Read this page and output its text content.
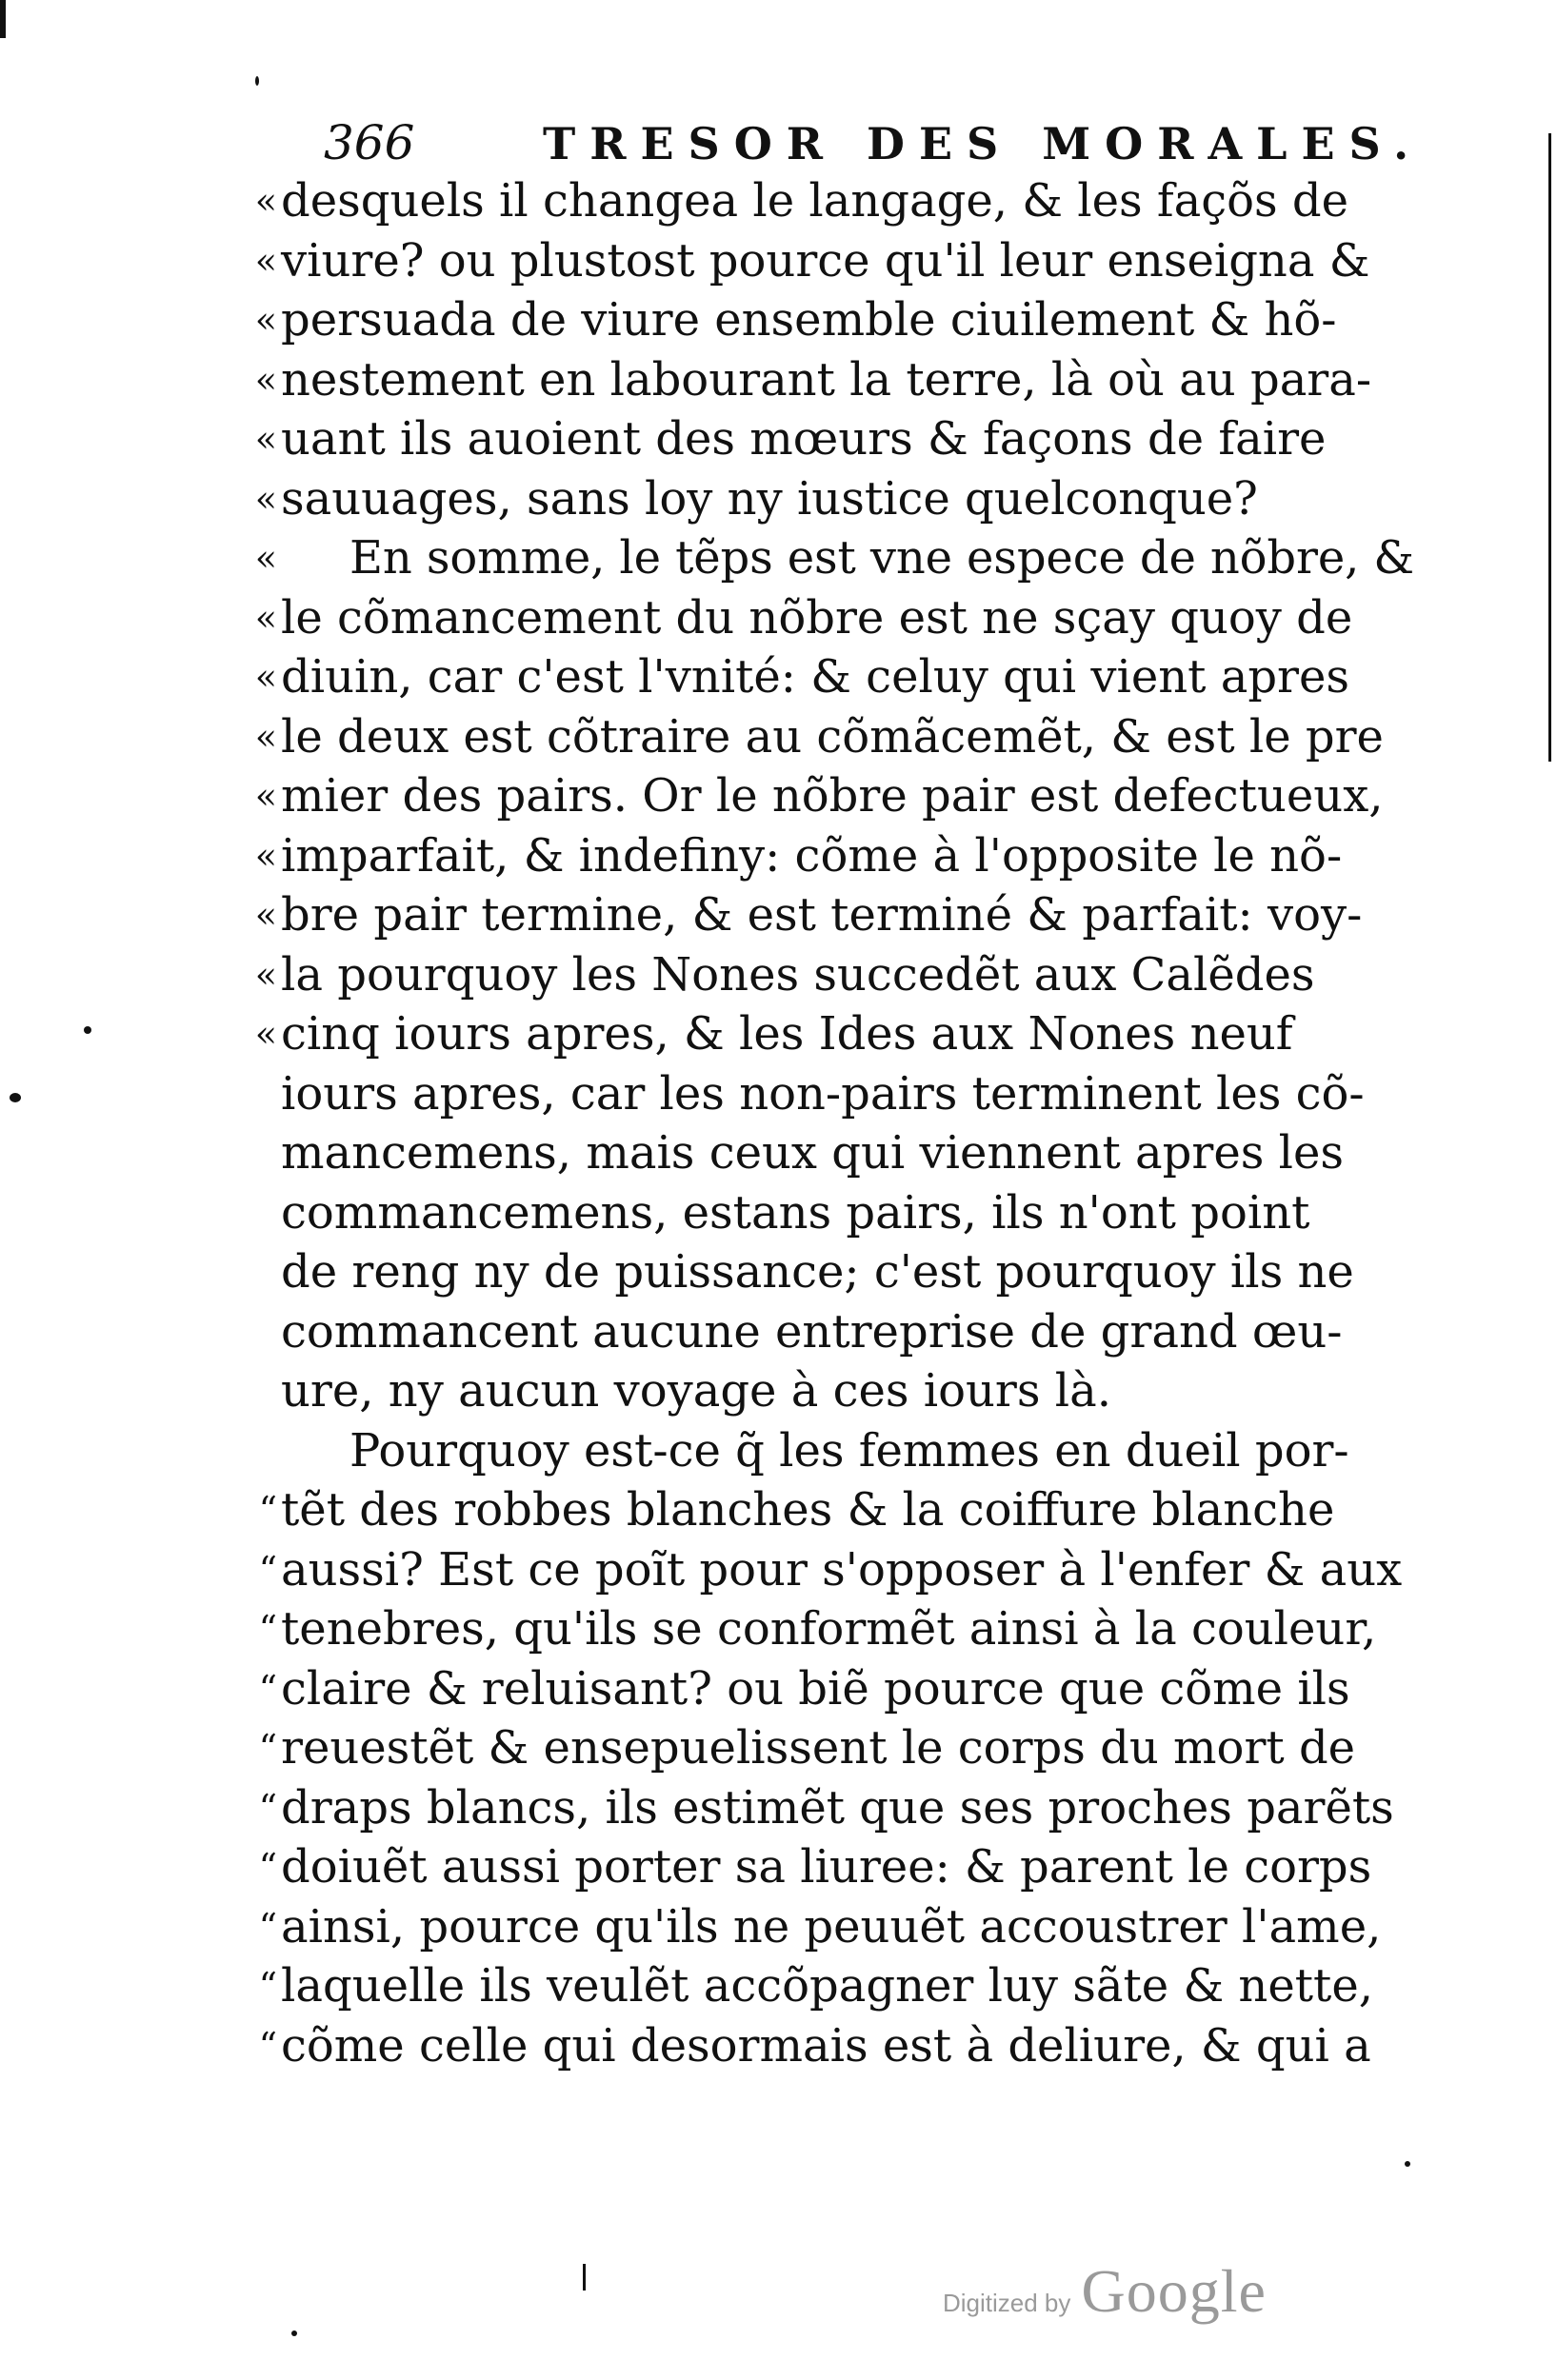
366	TRESOR DES MORALES.
« desquels il changea le langage, & les façõs de
« viure? ou plustost pource qu'il leur enseigna &
« persuada de viure ensemble ciuilement & hõ-
« nestement en labourant la terre, là où au para-
« uant ils auoient des mœurs & façons de faire
« sauuages, sans loy ny iustice quelconque?
« En somme, le tẽps est vne espece de nõbre, &
« le cõmancement du nõbre est ne sçay quoy de
« diuin, car c'est l'vnité: & celuy qui vient apres
« le deux est cõtraire au cõmãcemẽt, & est le pre
« mier des pairs. Or le nõbre pair est defectueux,
« imparfait, & indefiny: cõme à l'opposite le nõ-
« bre pair termine, & est terminé & parfait: voy-
« la pourquoy les Nones succedẽt aux Calẽdes
« cinq iours apres, & les Ides aux Nones neuf
iours apres, car les non-pairs terminent les cõ-
mancemens, mais ceux qui viennent apres les
commancemens, estans pairs, ils n'ont point
de reng ny de puissance; c'est pourquoy ils ne
commancent aucune entreprise de grand œu-
ure, ny aucun voyage à ces iours là.
Pourquoy est-ce q̃ les femmes en dueil por-
“ tẽt des robbes blanches & la coiffure blanche
“ aussi? Est ce poĩt pour s'opposer à l'enfer & aux
“ tenebres, qu'ils se conformẽt ainsi à la couleur,
“ claire & reluisant? ou biẽ pource que cõme ils
“ reuestẽt & ensepuelissent le corps du mort de
“ draps blancs, ils estimẽt que ses proches parẽts
“ doiuẽt aussi porter sa liuree: & parent le corps
“ ainsi, pource qu'ils ne peuuẽt accoustrer l'ame,
“ laquelle ils veulẽt accõpagner luy sãte & nette,
“ cõme celle qui desormais est à deliure, & qui a
Digitized by Google
